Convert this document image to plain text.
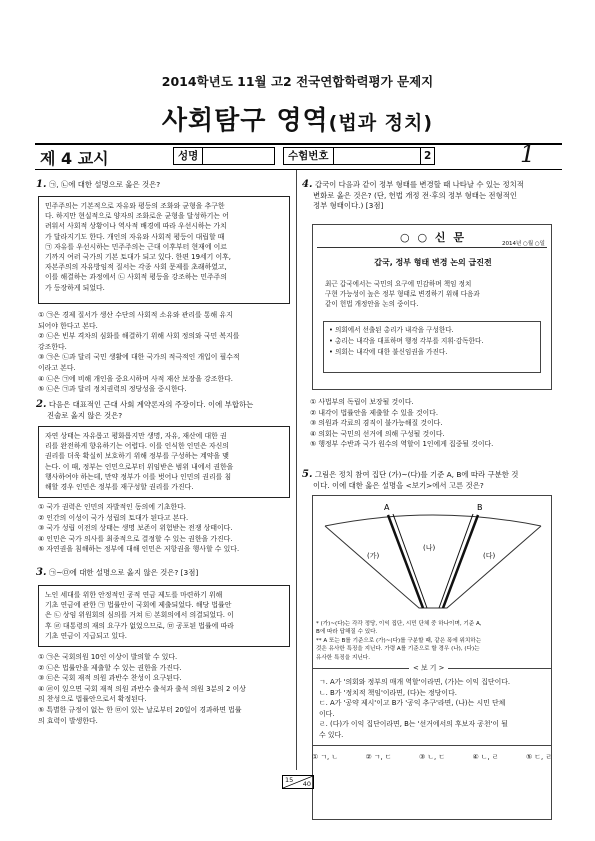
2014학년도 11월 고2 전국연합학력평가 문제지
사회탐구 영역(법과 정치)
제 4 교시	성명	수험번호	2	1
1. ㉠, ㉡에 대한 설명으로 옳은 것은?
민주주의는 기본적으로 자유와 평등의 조화와 균형을 추구한
다. 하지만 현실적으로 양자의 조화로운 균형을 달성하기는 어
려워서 사회적 상황이나 역사적 배경에 따라 우선시하는 가치
가 달라지기도 한다. 개인의 자유와 사회적 평등이 대립할 때
㉠ 자유를 우선시하는 민주주의는 근대 이후부터 현재에 이르
기까지 여러 국가의 기본 토대가 되고 있다. 한편 19세기 이후,
자본주의의 자유방임적 질서는 각종 사회 문제를 초래하였고,
이를 해결하는 과정에서 ㉡ 사회적 평등을 강조하는 민주주의
가 등장하게 되었다.
① ㉠은 경제 질서가 생산 수단의 사회적 소유와 관리를 통해 유지
되어야 한다고 본다.
② ㉡은 빈부 격차의 심화를 해결하기 위해 사회 정의와 국민 복지를
강조한다.
③ ㉠은 ㉡과 달리 국민 생활에 대한 국가의 적극적인 개입이 필수적
이라고 본다.
④ ㉡은 ㉠에 비해 개인을 중요시하며 사적 재산 보장을 강조한다.
⑤ ㉡은 ㉠과 달리 정치권력의 정당성을 중시한다.
2. 다음은 대표적인 근대 사회 계약론자의 주장이다. 이에 부합하는
진술로 옳지 않은 것은?
자연 상태는 자유롭고 평화롭지만 생명, 자유, 재산에 대한 권
리를 완전하게 향유하기는 어렵다. 이를 인식한 인민은 자신의
권리를 더욱 확실히 보호하기 위해 정부를 구성하는 계약을 맺
는다. 이 때, 정부는 인민으로부터 위임받은 범위 내에서 권한을
행사하여야 하는데, 만약 정부가 이를 벗어나 인민의 권리를 침
해할 경우 인민은 정부를 재구성할 권리를 가진다.
① 국가 권력은 인민의 자발적인 동의에 기초한다.
② 인간의 이성이 국가 성립의 토대가 된다고 본다.
③ 국가 성립 이전의 상태는 생명 보존이 위험받는 전쟁 상태이다.
④ 인민은 국가 의사를 최종적으로 결정할 수 있는 권한을 가진다.
⑤ 자연권을 침해하는 정부에 대해 인민은 저항권을 행사할 수 있다.
3. ㉠~㉤에 대한 설명으로 옳지 않은 것은? [3점]
노인 세대를 위한 안정적인 공적 연금 제도를 마련하기 위해
기초 연금에 관한 ㉠ 법률안이 국회에 제출되었다. 해당 법률안
은 ㉡ 상임 위원회의 심의를 거쳐 ㉢ 본회의에서 의결되었다. 이
후 ㉣ 대통령의 재의 요구가 없었으므로, ㉤ 공포된 법률에 따라
기초 연금이 지급되고 있다.
① ㉠은 국회의원 10인 이상이 발의할 수 있다.
② ㉡은 법률안을 제출할 수 있는 권한을 가진다.
③ ㉢은 국회 재적 의원 과반수 찬성이 요구된다.
④ ㉣이 있으면 국회 재적 의원 과반수 출석과 출석 의원 3분의 2 이상
의 찬성으로 법률안으로서 확정된다.
⑤ 특별한 규정이 없는 한 ㉤이 있는 날로부터 20일이 경과하면 법률
의 효력이 발생한다.
4. 갑국이 다음과 같이 정부 형태를 변경할 때 나타날 수 있는 정치적
변화로 옳은 것은? (단, 헌법 개정 전·후의 정부 형태는 전형적인
정부 형태이다.) [3점]
○ ○ 신 문	2014년 ○월 ○일
갑국, 정부 형태 변경 논의 급진전
최근 갑국에서는 국민의 요구에 민감하며 책임 정치
구현 가능성이 높은 정부 형태로 변경하기 위해 다음과
같이 헌법 개정안을 논의 중이다.
• 의회에서 선출된 총리가 내각을 구성한다.
• 총리는 내각을 대표하며 행정 각부를 지휘·감독한다.
• 의회는 내각에 대한 불신임권을 가진다.
① 사법부의 독립이 보장될 것이다.
② 내각이 법률안을 제출할 수 있을 것이다.
③ 의원과 각료의 겸직이 불가능해질 것이다.
④ 의회는 국민의 선거에 의해 구성될 것이다.
⑤ 행정부 수반과 국가 원수의 역할이 1인에게 집중될 것이다.
5. 그림은 정치 참여 집단 (가)~(다)를 기준 A, B에 따라 구분한 것
이다. 이에 대한 옳은 설명을 <보기>에서 고른 것은?
A	B
(가)
(나)
(다)
* (가)~(다)는 각각 정당, 이익 집단, 시민 단체 중 하나이며, 기준 A,
B에 따라 답해질 수 있다.
** A 또는 B를 기준으로 (가)~(다)를 구분할 때, 같은 폭에 위치하는
것은 유사한 특징을 지닌다. 가령 A를 기준으로 할 경우 (나), (다)는
유사한 특징을 지닌다.
< 보 기 >
ㄱ. A가 '의회와 정부의 매개 역할'이라면, (가)는 이익 집단이다.
ㄴ. B가 '정치적 책임'이라면, (다)는 정당이다.
ㄷ. A가 '공약 제시'이고 B가 '공익 추구'라면, (나)는 시민 단체
이다.
ㄹ. (다)가 이익 집단이라면, B는 '선거에서의 후보자 공천'이 될
수 있다.
① ㄱ, ㄴ	② ㄱ, ㄷ	③ ㄴ, ㄷ	④ ㄴ, ㄹ	⑤ ㄷ, ㄹ
15 40
